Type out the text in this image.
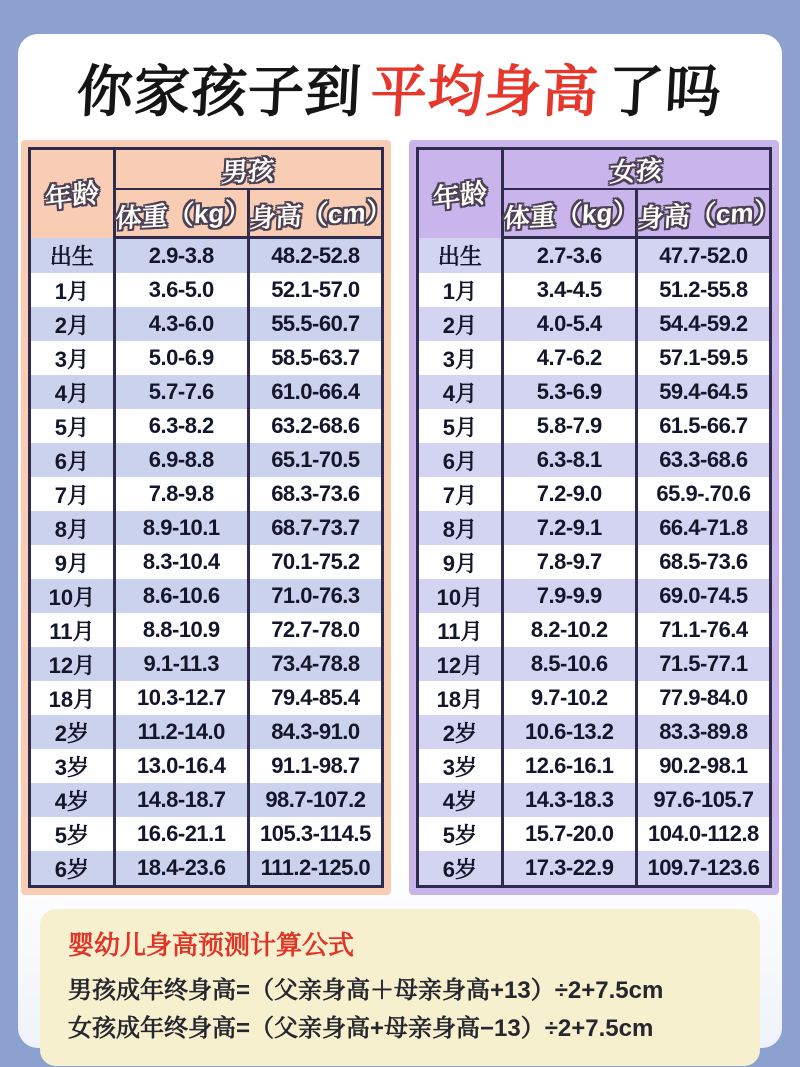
你家孩子到 平均身高 了吗
年龄	男孩	
	体重（kg）	身高（cm）
出生	2.9-3.8	48.2-52.8
1月	3.6-5.0	52.1-57.0
2月	4.3-6.0	55.5-60.7
3月	5.0-6.9	58.5-63.7
4月	5.7-7.6	61.0-66.4
5月	6.3-8.2	63.2-68.6
6月	6.9-8.8	65.1-70.5
7月	7.8-9.8	68.3-73.6
8月	8.9-10.1	68.7-73.7
9月	8.3-10.4	70.1-75.2
10月	8.6-10.6	71.0-76.3
11月	8.8-10.9	72.7-78.0
12月	9.1-11.3	73.4-78.8
18月	10.3-12.7	79.4-85.4
2岁	11.2-14.0	84.3-91.0
3岁	13.0-16.4	91.1-98.7
4岁	14.8-18.7	98.7-107.2
5岁	16.6-21.1	105.3-114.5
6岁	18.4-23.6	111.2-125.0
年龄	女孩	
	体重（kg）	身高（cm）
出生	2.7-3.6	47.7-52.0
1月	3.4-4.5	51.2-55.8
2月	4.0-5.4	54.4-59.2
3月	4.7-6.2	57.1-59.5
4月	5.3-6.9	59.4-64.5
5月	5.8-7.9	61.5-66.7
6月	6.3-8.1	63.3-68.6
7月	7.2-9.0	65.9-.70.6
8月	7.2-9.1	66.4-71.8
9月	7.8-9.7	68.5-73.6
10月	7.9-9.9	69.0-74.5
11月	8.2-10.2	71.1-76.4
12月	8.5-10.6	71.5-77.1
18月	9.7-10.2	77.9-84.0
2岁	10.6-13.2	83.3-89.8
3岁	12.6-16.1	90.2-98.1
4岁	14.3-18.3	97.6-105.7
5岁	15.7-20.0	104.0-112.8
6岁	17.3-22.9	109.7-123.6
婴幼儿身高预测计算公式
男孩成年终身高=（父亲身高＋母亲身高+13）÷2+7.5cm
女孩成年终身高=（父亲身高+母亲身高−13）÷2+7.5cm
